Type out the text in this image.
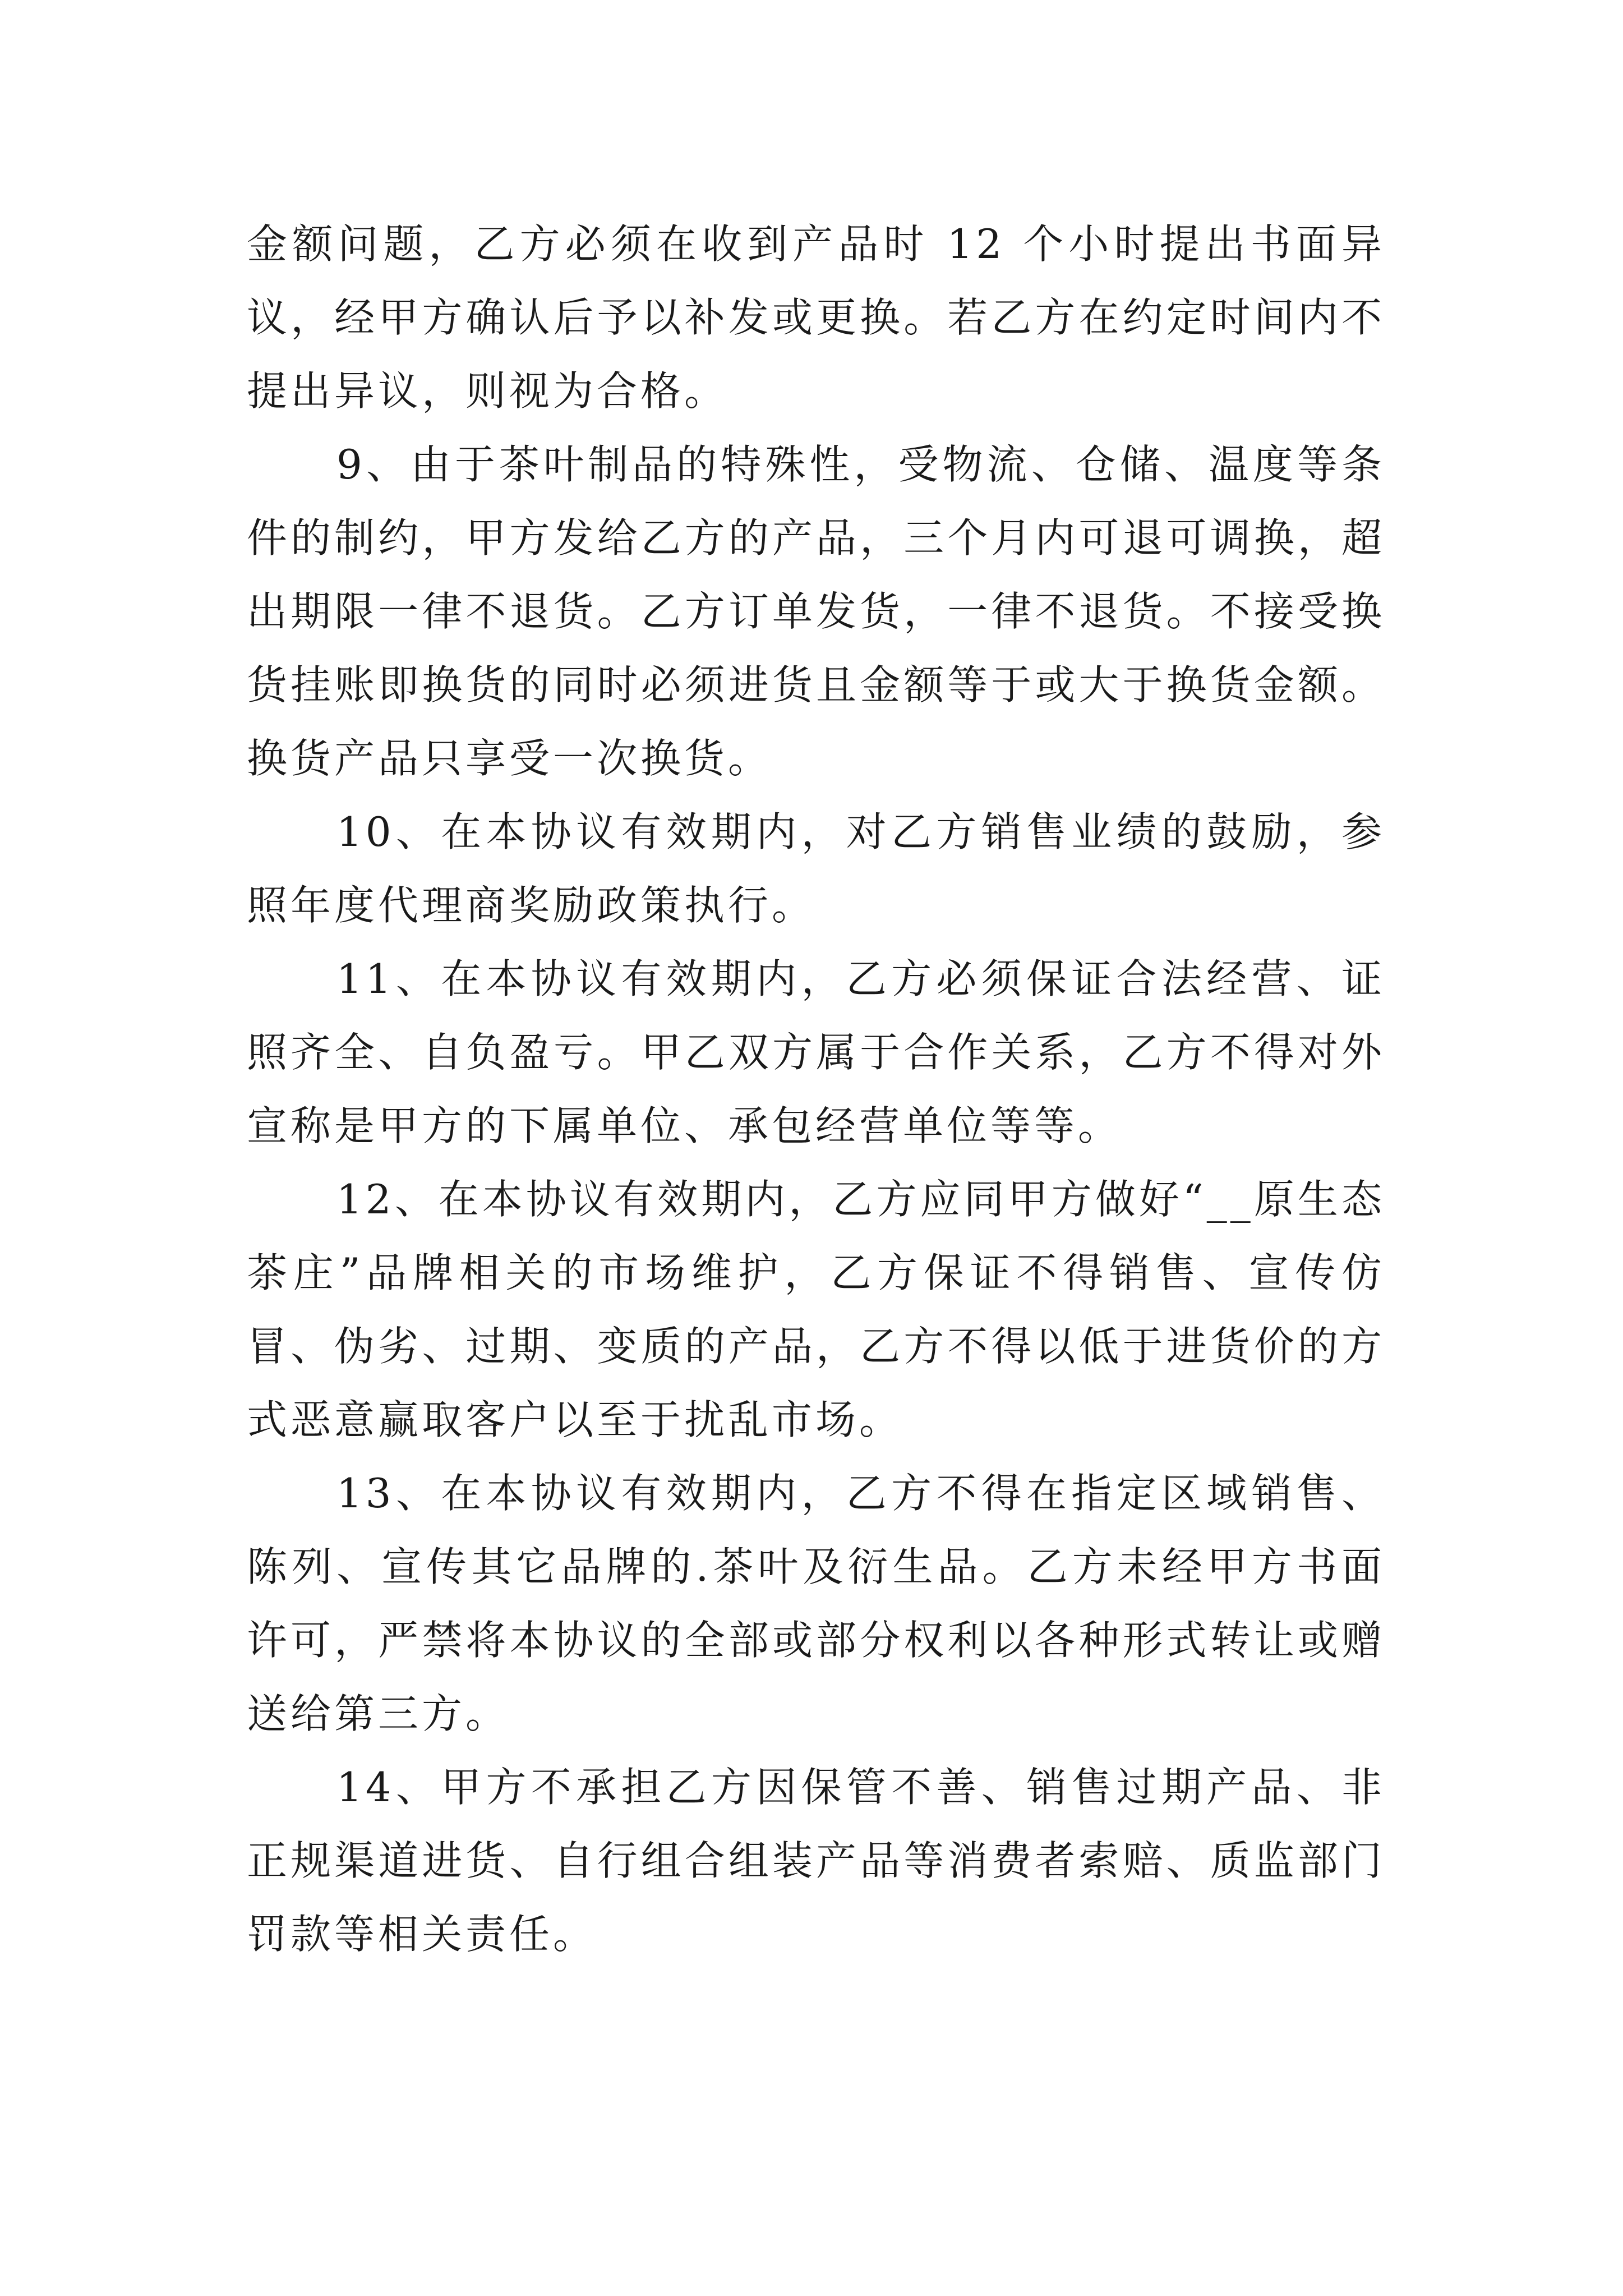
金额问题，乙方必须在收到产品时 12 个小时提出书面异议，经甲方确认后予以补发或更换。若乙方在约定时间内不提出异议，则视为合格。

9、由于茶叶制品的特殊性，受物流、仓储、温度等条件的制约，甲方发给乙方的产品，三个月内可退可调换，超出期限一律不退货。乙方订单发货，一律不退货。不接受换货挂账即换货的同时必须进货且金额等于或大于换货金额。换货产品只享受一次换货。

10、在本协议有效期内，对乙方销售业绩的鼓励，参照年度代理商奖励政策执行。

11、在本协议有效期内，乙方必须保证合法经营、证照齐全、自负盈亏。甲乙双方属于合作关系，乙方不得对外宣称是甲方的下属单位、承包经营单位等等。

12、在本协议有效期内，乙方应同甲方做好“__原生态茶庄”品牌相关的市场维护，乙方保证不得销售、宣传仿冒、伪劣、过期、变质的产品，乙方不得以低于进货价的方式恶意赢取客户以至于扰乱市场。

13、在本协议有效期内，乙方不得在指定区域销售、陈列、宣传其它品牌的.茶叶及衍生品。乙方未经甲方书面许可，严禁将本协议的全部或部分权利以各种形式转让或赠送给第三方。

14、甲方不承担乙方因保管不善、销售过期产品、非正规渠道进货、自行组合组装产品等消费者索赔、质监部门罚款等相关责任。
